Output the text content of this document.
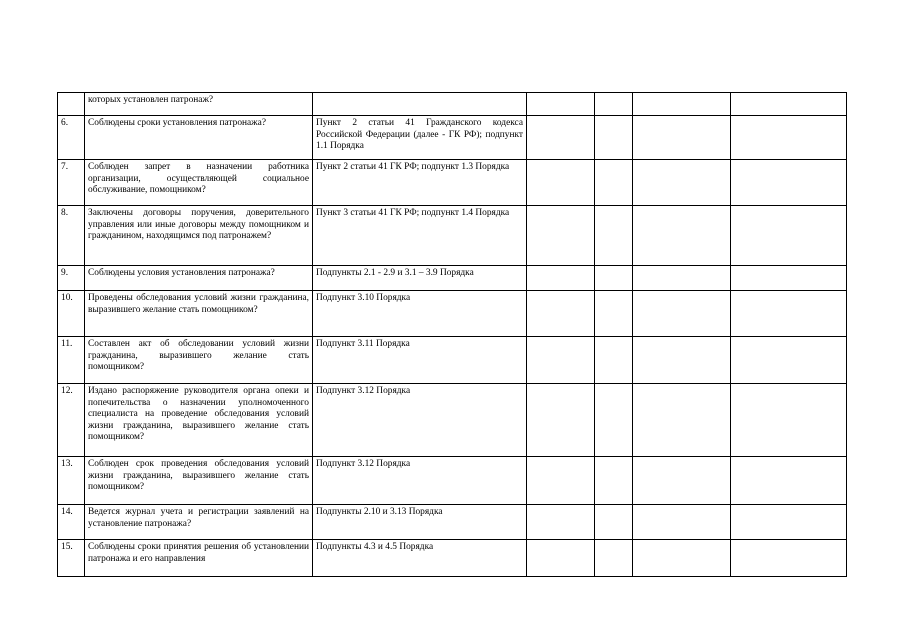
	которых установлен патронаж?					
6.	Соблюдены сроки установления патронажа?	Пункт 2 статьи 41 Гражданского кодекса Российской Федерации (далее - ГК РФ); подпункт 1.1 Порядка				
7.	Соблюден запрет в назначении работника организации, осуществляющей социальное обслуживание, помощником?	Пункт 2 статьи 41 ГК РФ; подпункт 1.3 Порядка				
8.	Заключены договоры поручения, доверительного управления или иные договоры между помощником и гражданином, находящимся под патронажем?	Пункт 3 статьи 41 ГК РФ; подпункт 1.4 Порядка				
9.	Соблюдены условия установления патронажа?	Подпункты 2.1 - 2.9 и 3.1 – 3.9 Порядка				
10.	Проведены обследования условий жизни гражданина, выразившего желание стать помощником?	Подпункт 3.10 Порядка				
11.	Составлен акт об обследовании условий жизни гражданина, выразившего желание стать помощником?	Подпункт 3.11 Порядка				
12.	Издано распоряжение руководителя органа опеки и попечительства о назначении уполномоченного специалиста на проведение обследования условий жизни гражданина, выразившего желание стать помощником?	Подпункт 3.12 Порядка				
13.	Соблюден срок проведения обследования условий жизни гражданина, выразившего желание стать помощником?	Подпункт 3.12 Порядка				
14.	Ведется журнал учета и регистрации заявлений на установление патронажа?	Подпункты 2.10 и 3.13 Порядка				
15.	Соблюдены сроки принятия решения об установлении патронажа и его направления	Подпункты 4.3 и 4.5 Порядка				
